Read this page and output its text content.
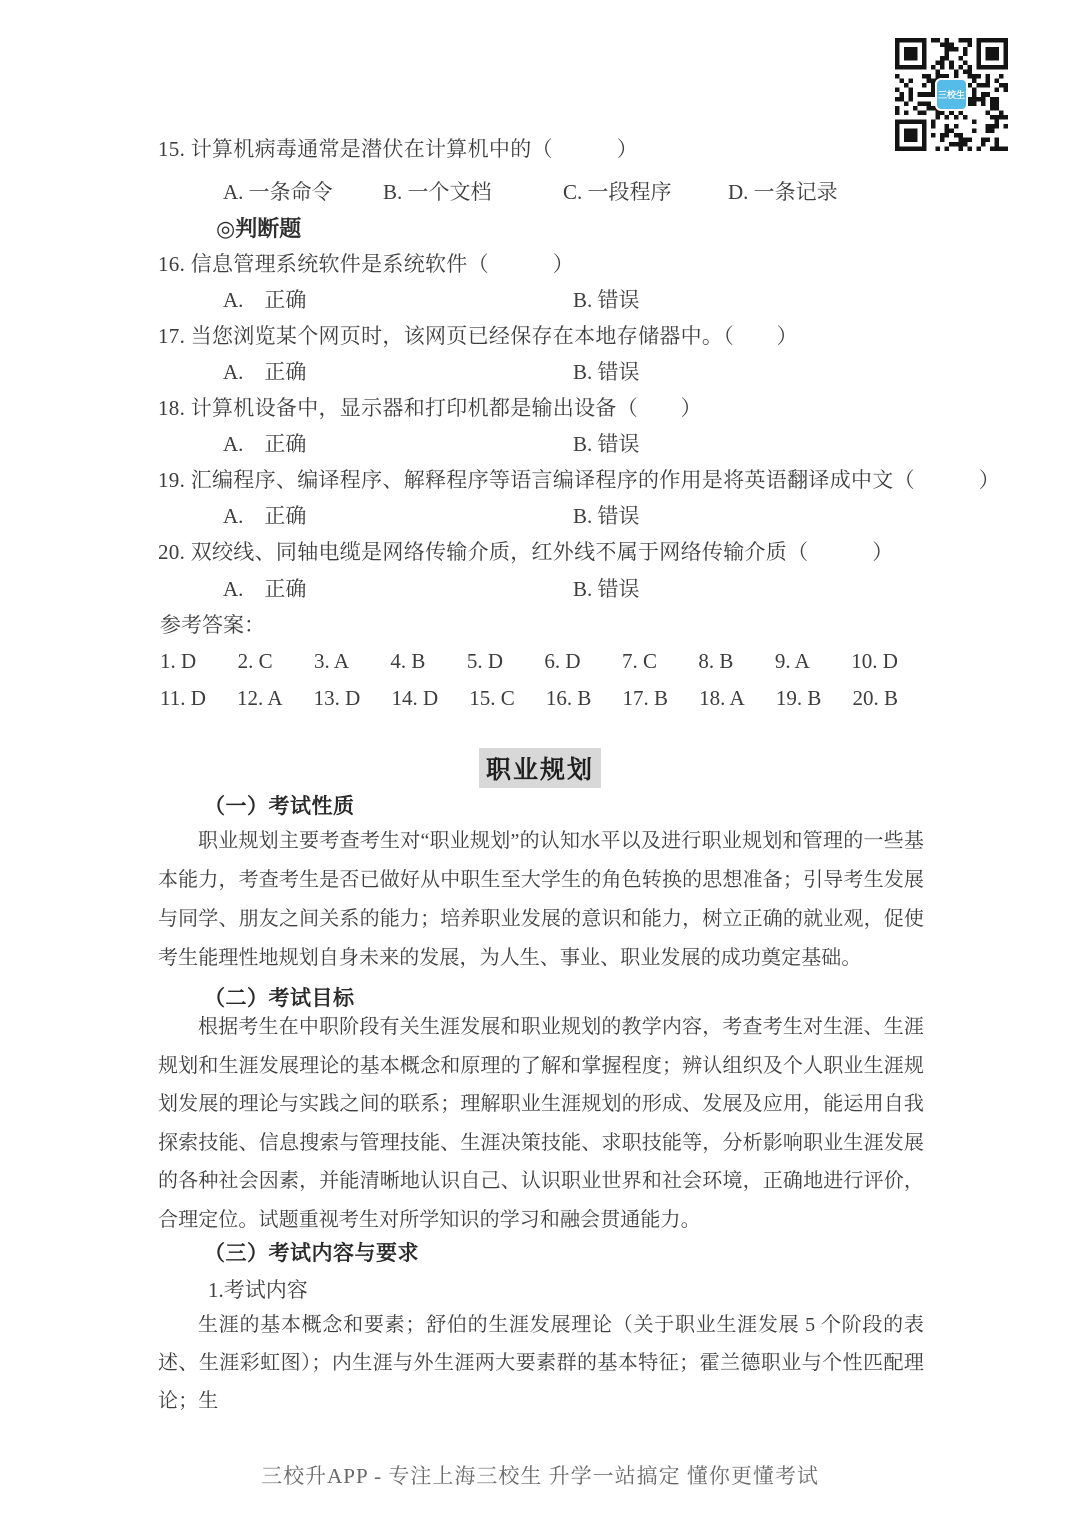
三校生
15. 计算机病毒通常是潜伏在计算机中的（　　　）
A. 一条命令 B. 一个文档	C. 一段程序	D. 一条记录
◎判断题
16. 信息管理系统软件是系统软件（　　　）
A.　正确	B. 错误
17. 当您浏览某个网页时，该网页已经保存在本地存储器中。（　　）
A.　正确	B. 错误
18. 计算机设备中，显示器和打印机都是输出设备（　　）
A.　正确	B. 错误
19. 汇编程序、编译程序、解释程序等语言编译程序的作用是将英语翻译成中文（　　　）
A.　正确	B. 错误
20. 双绞线、同轴电缆是网络传输介质，红外线不属于网络传输介质（　　　）
A.　正确	B. 错误
参考答案：
1. D 2. C 3. A 4. B 5. D 6. D 7. C 8. B 9. A 10. D
11. D 12. A 13. D 14. D 15. C 16. B 17. B 18. A 19. B 20. B
职业规划
（一）考试性质
职业规划主要考查考生对“职业规划”的认知水平以及进行职业规划和管理的一些基本能力，考查考生是否已做好从中职生至大学生的角色转换的思想准备；引导考生发展与同学、朋友之间关系的能力；培养职业发展的意识和能力，树立正确的就业观，促使考生能理性地规划自身未来的发展，为人生、事业、职业发展的成功奠定基础。
（二）考试目标
根据考生在中职阶段有关生涯发展和职业规划的教学内容，考查考生对生涯、生涯规划和生涯发展理论的基本概念和原理的了解和掌握程度；辨认组织及个人职业生涯规划发展的理论与实践之间的联系；理解职业生涯规划的形成、发展及应用，能运用自我探索技能、信息搜索与管理技能、生涯决策技能、求职技能等，分析影响职业生涯发展的各种社会因素，并能清晰地认识自己、认识职业世界和社会环境，正确地进行评价，合理定位。试题重视考生对所学知识的学习和融会贯通能力。
（三）考试内容与要求
1.考试内容
生涯的基本概念和要素；舒伯的生涯发展理论（关于职业生涯发展 5 个阶段的表述、生涯彩虹图）；内生涯与外生涯两大要素群的基本特征；霍兰德职业与个性匹配理论；生
三校升APP - 专注上海三校生 升学一站搞定 懂你更懂考试
